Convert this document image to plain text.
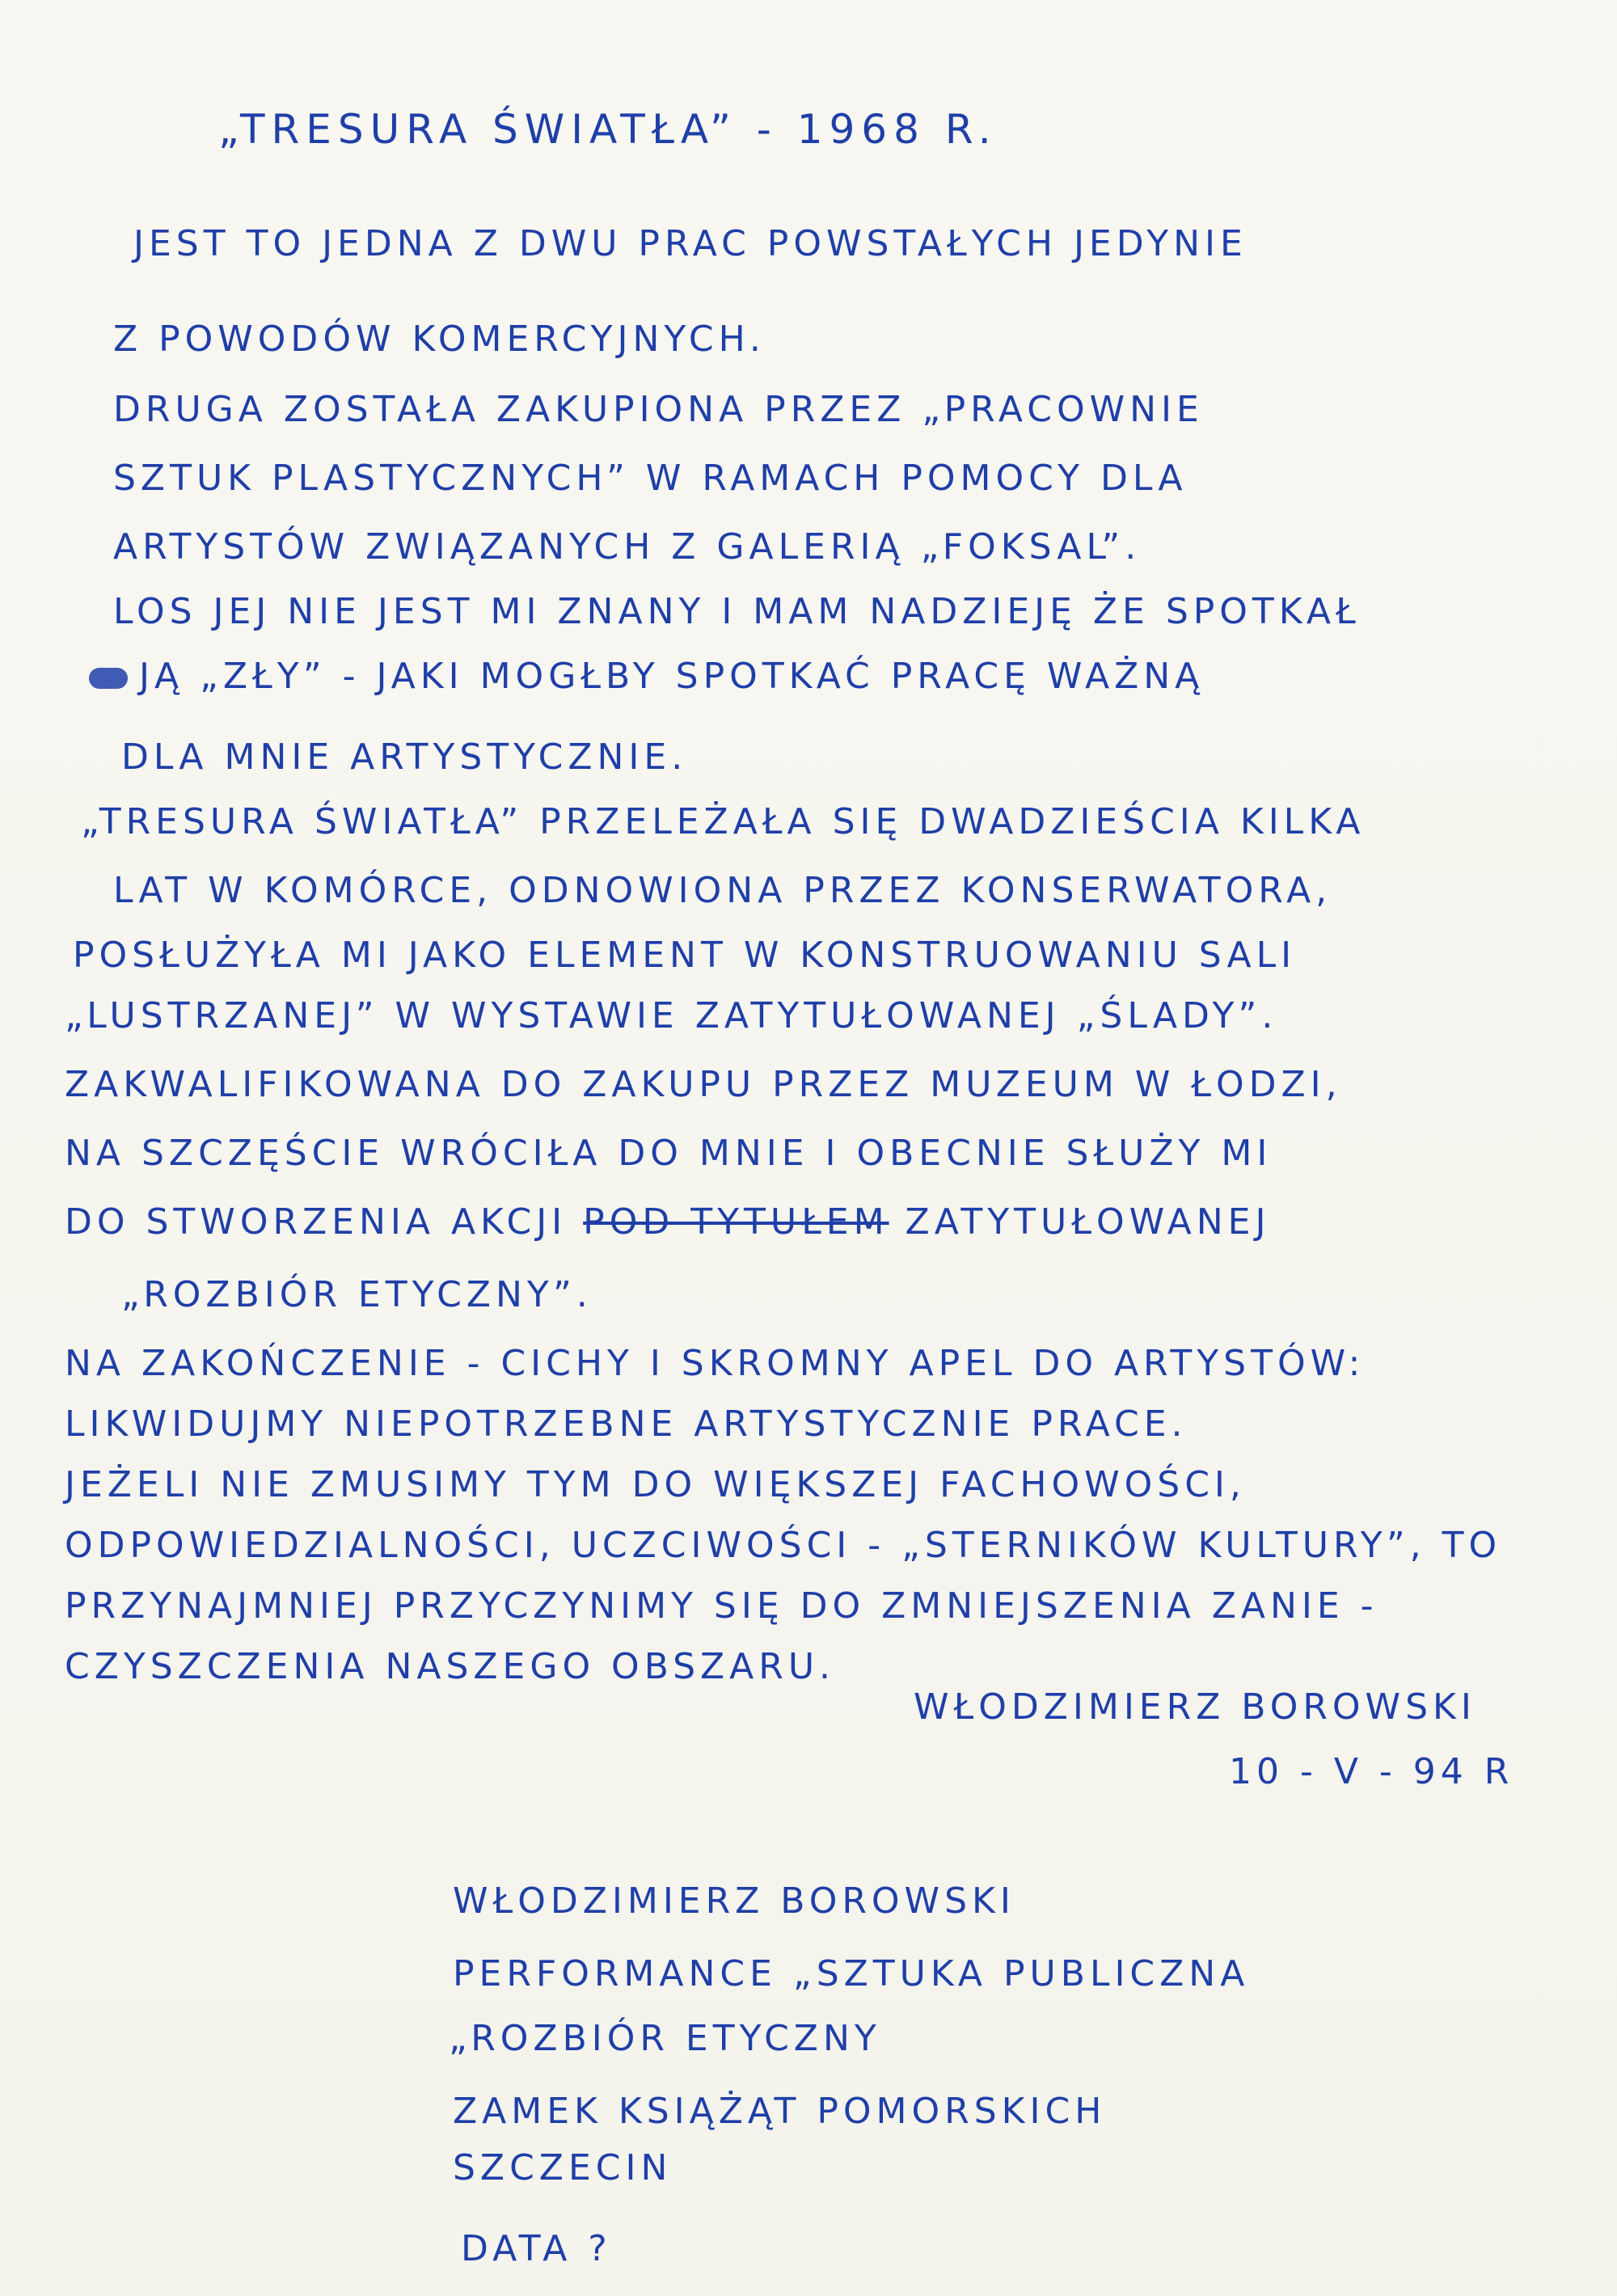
„TRESURA ŚWIATŁA” - 1968 R.
JEST TO JEDNA Z DWU PRAC POWSTAŁYCH JEDYNIE
Z POWODÓW KOMERCYJNYCH.
DRUGA ZOSTAŁA ZAKUPIONA PRZEZ „PRACOWNIE
SZTUK PLASTYCZNYCH” W RAMACH POMOCY DLA
ARTYSTÓW ZWIĄZANYCH Z GALERIĄ „FOKSAL”.
LOS JEJ NIE JEST MI ZNANY I MAM NADZIEJĘ ŻE SPOTKAŁ
JĄ „ZŁY” - JAKI MOGŁBY SPOTKAĆ PRACĘ WAŻNĄ
DLA MNIE ARTYSTYCZNIE.
„TRESURA ŚWIATŁA” PRZELEŻAŁA SIĘ DWADZIEŚCIA KILKA
LAT W KOMÓRCE, ODNOWIONA PRZEZ KONSERWATORA,
POSŁUŻYŁA MI JAKO ELEMENT W KONSTRUOWANIU SALI
„LUSTRZANEJ” W WYSTAWIE ZATYTUŁOWANEJ „ŚLADY”.
ZAKWALIFIKOWANA DO ZAKUPU PRZEZ MUZEUM W ŁODZI,
NA SZCZĘŚCIE WRÓCIŁA DO MNIE I OBECNIE SŁUŻY MI
DO STWORZENIA AKCJI POD TYTUŁEM ZATYTUŁOWANEJ
„ROZBIÓR ETYCZNY”.
NA ZAKOŃCZENIE - CICHY I SKROMNY APEL DO ARTYSTÓW:
LIKWIDUJMY NIEPOTRZEBNE ARTYSTYCZNIE PRACE.
JEŻELI NIE ZMUSIMY TYM DO WIĘKSZEJ FACHOWOŚCI,
ODPOWIEDZIALNOŚCI, UCZCIWOŚCI - „STERNIKÓW KULTURY”, TO
PRZYNAJMNIEJ PRZYCZYNIMY SIĘ DO ZMNIEJSZENIA ZANIE -
CZYSZCZENIA NASZEGO OBSZARU.
WŁODZIMIERZ BOROWSKI
10 - V - 94 R
WŁODZIMIERZ BOROWSKI
PERFORMANCE „SZTUKA PUBLICZNA
„ROZBIÓR ETYCZNY
ZAMEK KSIĄŻĄT POMORSKICH
SZCZECIN
DATA ?
